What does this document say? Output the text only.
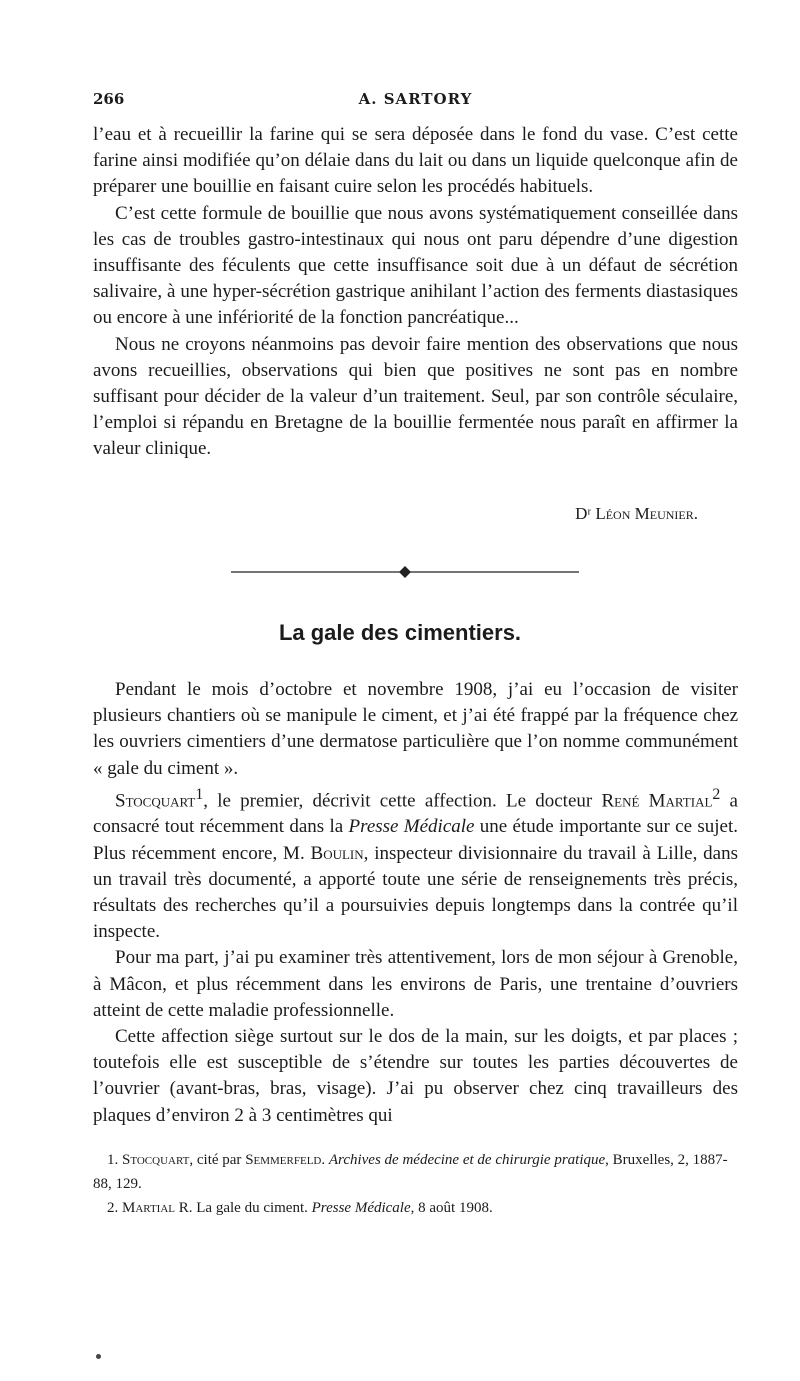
266	A. SARTORY

l’eau et à recueillir la farine qui se sera déposée dans le fond du vase. C’est cette farine ainsi modifiée qu’on délaie dans du lait ou dans un liquide quelconque afin de préparer une bouillie en faisant cuire selon les procédés habituels.

C’est cette formule de bouillie que nous avons systématiquement conseillée dans les cas de troubles gastro-intestinaux qui nous ont paru dépendre d’une digestion insuffisante des féculents que cette insuffisance soit due à un défaut de sécrétion salivaire, à une hyper-sécrétion gastrique anihilant l’action des ferments diastasiques ou encore à une infériorité de la fonction pancréatique...

Nous ne croyons néanmoins pas devoir faire mention des observations que nous avons recueillies, observations qui bien que positives ne sont pas en nombre suffisant pour décider de la valeur d’un traitement. Seul, par son contrôle séculaire, l’emploi si répandu en Bretagne de la bouillie fermentée nous paraît en affirmer la valeur clinique.

Dʳ Léon Meunier.
La gale des cimentiers.

Pendant le mois d’octobre et novembre 1908, j’ai eu l’occasion de visiter plusieurs chantiers où se manipule le ciment, et j’ai été frappé par la fréquence chez les ouvriers cimentiers d’une dermatose particulière que l’on nomme communément « gale du ciment ».

Stocquart$^1$, le premier, décrivit cette affection. Le docteur René Martial$^2$ a consacré tout récemment dans la Presse Médicale une étude importante sur ce sujet. Plus récemment encore, M. Boulin, inspecteur divisionnaire du travail à Lille, dans un travail très documenté, a apporté toute une série de renseignements très précis, résultats des recherches qu’il a poursuivies depuis longtemps dans la contrée qu’il inspecte.

Pour ma part, j’ai pu examiner très attentivement, lors de mon séjour à Grenoble, à Mâcon, et plus récemment dans les environs de Paris, une trentaine d’ouvriers atteint de cette maladie professionnelle.

Cette affection siège surtout sur le dos de la main, sur les doigts, et par places ; toutefois elle est susceptible de s’étendre sur toutes les parties découvertes de l’ouvrier (avant-bras, bras, visage). J’ai pu observer chez cinq travailleurs des plaques d’environ 2 à 3 centimètres qui

1. Stocquart, cité par Semmerfeld. Archives de médecine et de chirurgie pratique, Bruxelles, 2, 1887-88, 129.

2. Martial R. La gale du ciment. Presse Médicale, 8 août 1908.
